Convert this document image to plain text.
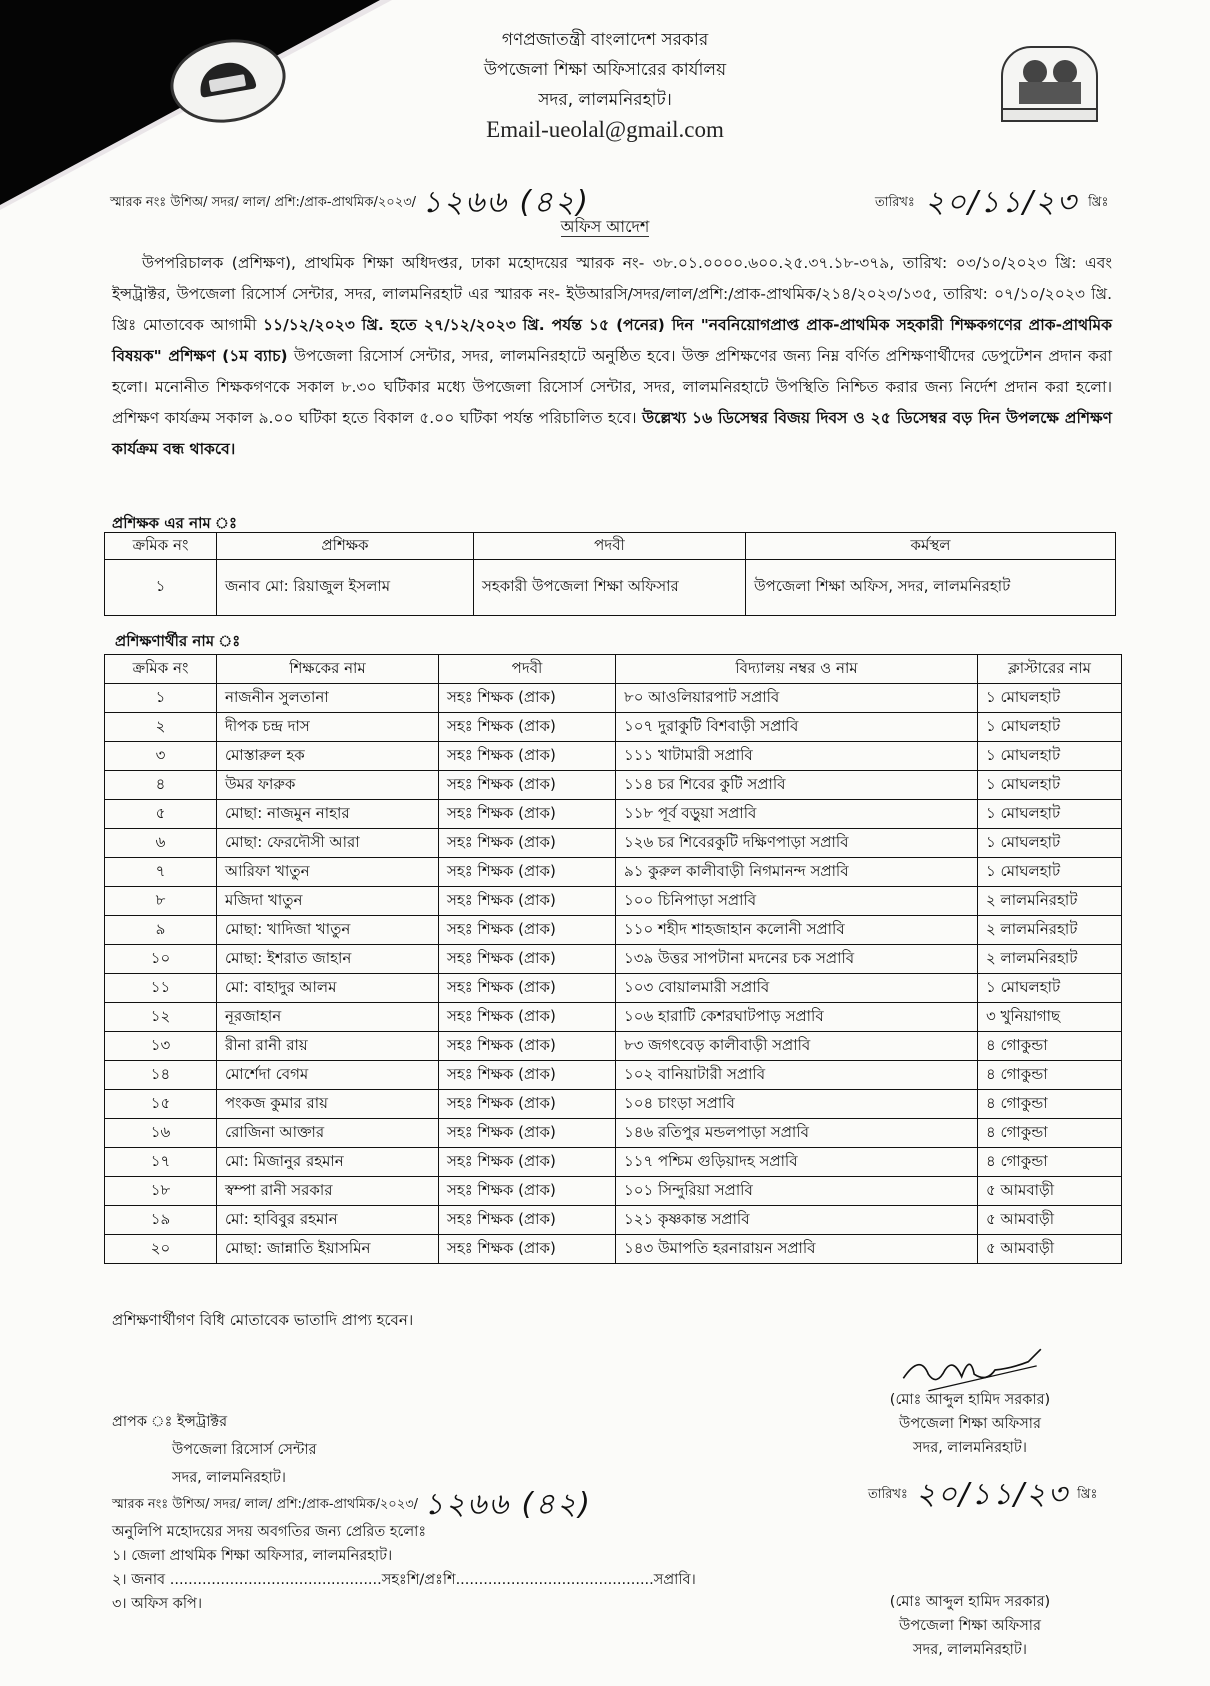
গণপ্রজাতন্ত্রী বাংলাদেশ সরকার
উপজেলা শিক্ষা অফিসারের কার্যালয়
সদর, লালমনিরহাট।
Email-ueolal@gmail.com
স্মারক নংঃ উশিঅ/ সদর/ লাল/ প্রশি:/প্রাক-প্রাথমিক/২০২৩/ ১২৬৬ (৪২)	তারিখঃ ২০/১১/২৩ খ্রিঃ
অফিস আদেশ
উপপরিচালক (প্রশিক্ষণ), প্রাথমিক শিক্ষা অধিদপ্তর, ঢাকা মহোদয়ের স্মারক নং- ৩৮.০১.০০০০.৬০০.২৫.৩৭.১৮-৩৭৯, তারিখ: ০৩/১০/২০২৩ খ্রি: এবং ইন্সট্রাক্টর, উপজেলা রিসোর্স সেন্টার, সদর, লালমনিরহাট এর স্মারক নং- ইউআরসি/সদর/লাল/প্রশি:/প্রাক-প্রাথমিক/২১৪/২০২৩/১৩৫, তারিখ: ০৭/১০/২০২৩ খ্রি. খ্রিঃ মোতাবেক আগামী ১১/১২/২০২৩ খ্রি. হতে ২৭/১২/২০২৩ খ্রি. পর্যন্ত ১৫ (পনের) দিন "নবনিয়োগপ্রাপ্ত প্রাক-প্রাথমিক সহকারী শিক্ষকগণের প্রাক-প্রাথমিক বিষয়ক" প্রশিক্ষণ (১ম ব্যাচ) উপজেলা রিসোর্স সেন্টার, সদর, লালমনিরহাটে অনুষ্ঠিত হবে। উক্ত প্রশিক্ষণের জন্য নিম্ন বর্ণিত প্রশিক্ষণার্থীদের ডেপুটেশন প্রদান করা হলো। মনোনীত শিক্ষকগণকে সকাল ৮.৩০ ঘটিকার মধ্যে উপজেলা রিসোর্স সেন্টার, সদর, লালমনিরহাটে উপস্থিতি নিশ্চিত করার জন্য নির্দেশ প্রদান করা হলো। প্রশিক্ষণ কার্যক্রম সকাল ৯.০০ ঘটিকা হতে বিকাল ৫.০০ ঘটিকা পর্যন্ত পরিচালিত হবে। উল্লেখ্য ১৬ ডিসেম্বর বিজয় দিবস ও ২৫ ডিসেম্বর বড় দিন উপলক্ষে প্রশিক্ষণ কার্যক্রম বন্ধ থাকবে।
প্রশিক্ষক এর নাম ঃ
ক্রমিক নং	প্রশিক্ষক	পদবী	কর্মস্থল
১	জনাব মো: রিয়াজুল ইসলাম	সহকারী উপজেলা শিক্ষা অফিসার	উপজেলা শিক্ষা অফিস, সদর, লালমনিরহাট
প্রশিক্ষণার্থীর নাম ঃ
ক্রমিক নং	শিক্ষকের নাম	পদবী	বিদ্যালয় নম্বর ও নাম	ক্লাস্টারের নাম
১	নাজনীন সুলতানা	সহঃ শিক্ষক (প্রাক)	৮০ আওলিয়ারপাট সপ্রাবি	১ মোঘলহাট
২	দীপক চন্দ্র দাস	সহঃ শিক্ষক (প্রাক)	১০৭ দুরাকুটি বিশবাড়ী সপ্রাবি	১ মোঘলহাট
৩	মোস্তারুল হক	সহঃ শিক্ষক (প্রাক)	১১১ খাটামারী সপ্রাবি	১ মোঘলহাট
৪	উমর ফারুক	সহঃ শিক্ষক (প্রাক)	১১৪ চর শিবের কুটি সপ্রাবি	১ মোঘলহাট
৫	মোছা: নাজমুন নাহার	সহঃ শিক্ষক (প্রাক)	১১৮ পূর্ব বড়ুয়া সপ্রাবি	১ মোঘলহাট
৬	মোছা: ফেরদৌসী আরা	সহঃ শিক্ষক (প্রাক)	১২৬ চর শিবেরকুটি দক্ষিণপাড়া সপ্রাবি	১ মোঘলহাট
৭	আরিফা খাতুন	সহঃ শিক্ষক (প্রাক)	৯১ কুরুল কালীবাড়ী নিগমানন্দ সপ্রাবি	১ মোঘলহাট
৮	মজিদা খাতুন	সহঃ শিক্ষক (প্রাক)	১০০ চিনিপাড়া সপ্রাবি	২ লালমনিরহাট
৯	মোছা: খাদিজা খাতুন	সহঃ শিক্ষক (প্রাক)	১১০ শহীদ শাহজাহান কলোনী সপ্রাবি	২ লালমনিরহাট
১০	মোছা: ইশরাত জাহান	সহঃ শিক্ষক (প্রাক)	১৩৯ উত্তর সাপটানা মদনের চক সপ্রাবি	২ লালমনিরহাট
১১	মো: বাহাদুর আলম	সহঃ শিক্ষক (প্রাক)	১০৩ বোয়ালমারী সপ্রাবি	১ মোঘলহাট
১২	নূরজাহান	সহঃ শিক্ষক (প্রাক)	১০৬ হারাটি কেশরঘাটপাড় সপ্রাবি	৩ খুনিয়াগাছ
১৩	রীনা রানী রায়	সহঃ শিক্ষক (প্রাক)	৮৩ জগৎবেড় কালীবাড়ী সপ্রাবি	৪ গোকুন্ডা
১৪	মোর্শেদা বেগম	সহঃ শিক্ষক (প্রাক)	১০২ বানিয়াটারী সপ্রাবি	৪ গোকুন্ডা
১৫	পংকজ কুমার রায়	সহঃ শিক্ষক (প্রাক)	১০৪ চাংড়া সপ্রাবি	৪ গোকুন্ডা
১৬	রোজিনা আক্তার	সহঃ শিক্ষক (প্রাক)	১৪৬ রতিপুর মন্ডলপাড়া সপ্রাবি	৪ গোকুন্ডা
১৭	মো: মিজানুর রহমান	সহঃ শিক্ষক (প্রাক)	১১৭ পশ্চিম গুড়িয়াদহ সপ্রাবি	৪ গোকুন্ডা
১৮	স্বম্পা রানী সরকার	সহঃ শিক্ষক (প্রাক)	১০১ সিন্দুরিয়া সপ্রাবি	৫ আমবাড়ী
১৯	মো: হাবিবুর রহমান	সহঃ শিক্ষক (প্রাক)	১২১ কৃষ্ণকান্ত সপ্রাবি	৫ আমবাড়ী
২০	মোছা: জান্নাতি ইয়াসমিন	সহঃ শিক্ষক (প্রাক)	১৪৩ উমাপতি হরনারায়ন সপ্রাবি	৫ আমবাড়ী
প্রশিক্ষণার্থীগণ বিধি মোতাবেক ভাতাদি প্রাপ্য হবেন।
(মোঃ আব্দুল হামিদ সরকার)
উপজেলা শিক্ষা অফিসার
সদর, লালমনিরহাট।
তারিখঃ ২০/১১/২৩ খ্রিঃ
প্রাপক ঃ ইন্সট্রাক্টর
উপজেলা রিসোর্স সেন্টার
সদর, লালমনিরহাট।
স্মারক নংঃ উশিঅ/ সদর/ লাল/ প্রশি:/প্রাক-প্রাথমিক/২০২৩/ ১২৬৬ (৪২)
অনুলিপি মহোদয়ের সদয় অবগতির জন্য প্রেরিত হলোঃ
১। জেলা প্রাথমিক শিক্ষা অফিসার, লালমনিরহাট।
২। জনাব ..............................................সহঃশি/প্রঃশি...........................................সপ্রাবি।
৩। অফিস কপি।	(মোঃ আব্দুল হামিদ সরকার)
উপজেলা শিক্ষা অফিসার
সদর, লালমনিরহাট।
